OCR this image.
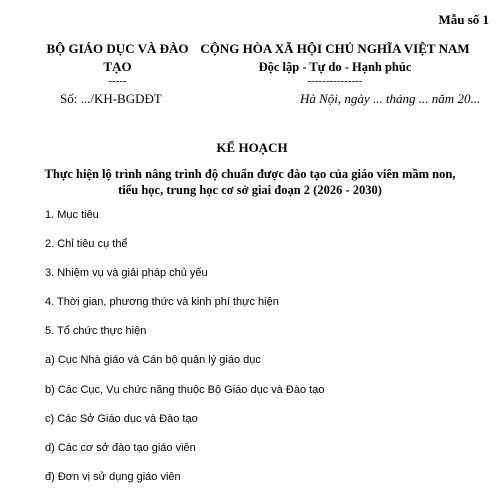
Mẫu số 1
BỘ GIÁO DỤC VÀ ĐÀO
TẠO
-----
CỘNG HÒA XÃ HỘI CHỦ NGHĨA VIỆT NAM
Độc lập - Tự do - Hạnh phúc
---------------
Số: .../KH-BGDĐT	Hà Nội, ngày ... tháng ... năm 20...
KẾ HOẠCH
Thực hiện lộ trình nâng trình độ chuẩn được đào tạo của giáo viên mầm non,
tiểu học, trung học cơ sở giai đoạn 2 (2026 - 2030)
1. Mục tiêu
2. Chỉ tiêu cụ thể
3. Nhiệm vụ và giải pháp chủ yếu
4. Thời gian, phương thức và kinh phí thực hiện
5. Tổ chức thực hiện
a) Cục Nhà giáo và Cán bộ quản lý giáo dục
b) Các Cục, Vụ chức năng thuộc Bộ Giáo dục và Đào tạo
c) Các Sở Giáo dục và Đào tạo
d) Các cơ sở đào tạo giáo viên
đ) Đơn vị sử dụng giáo viên
